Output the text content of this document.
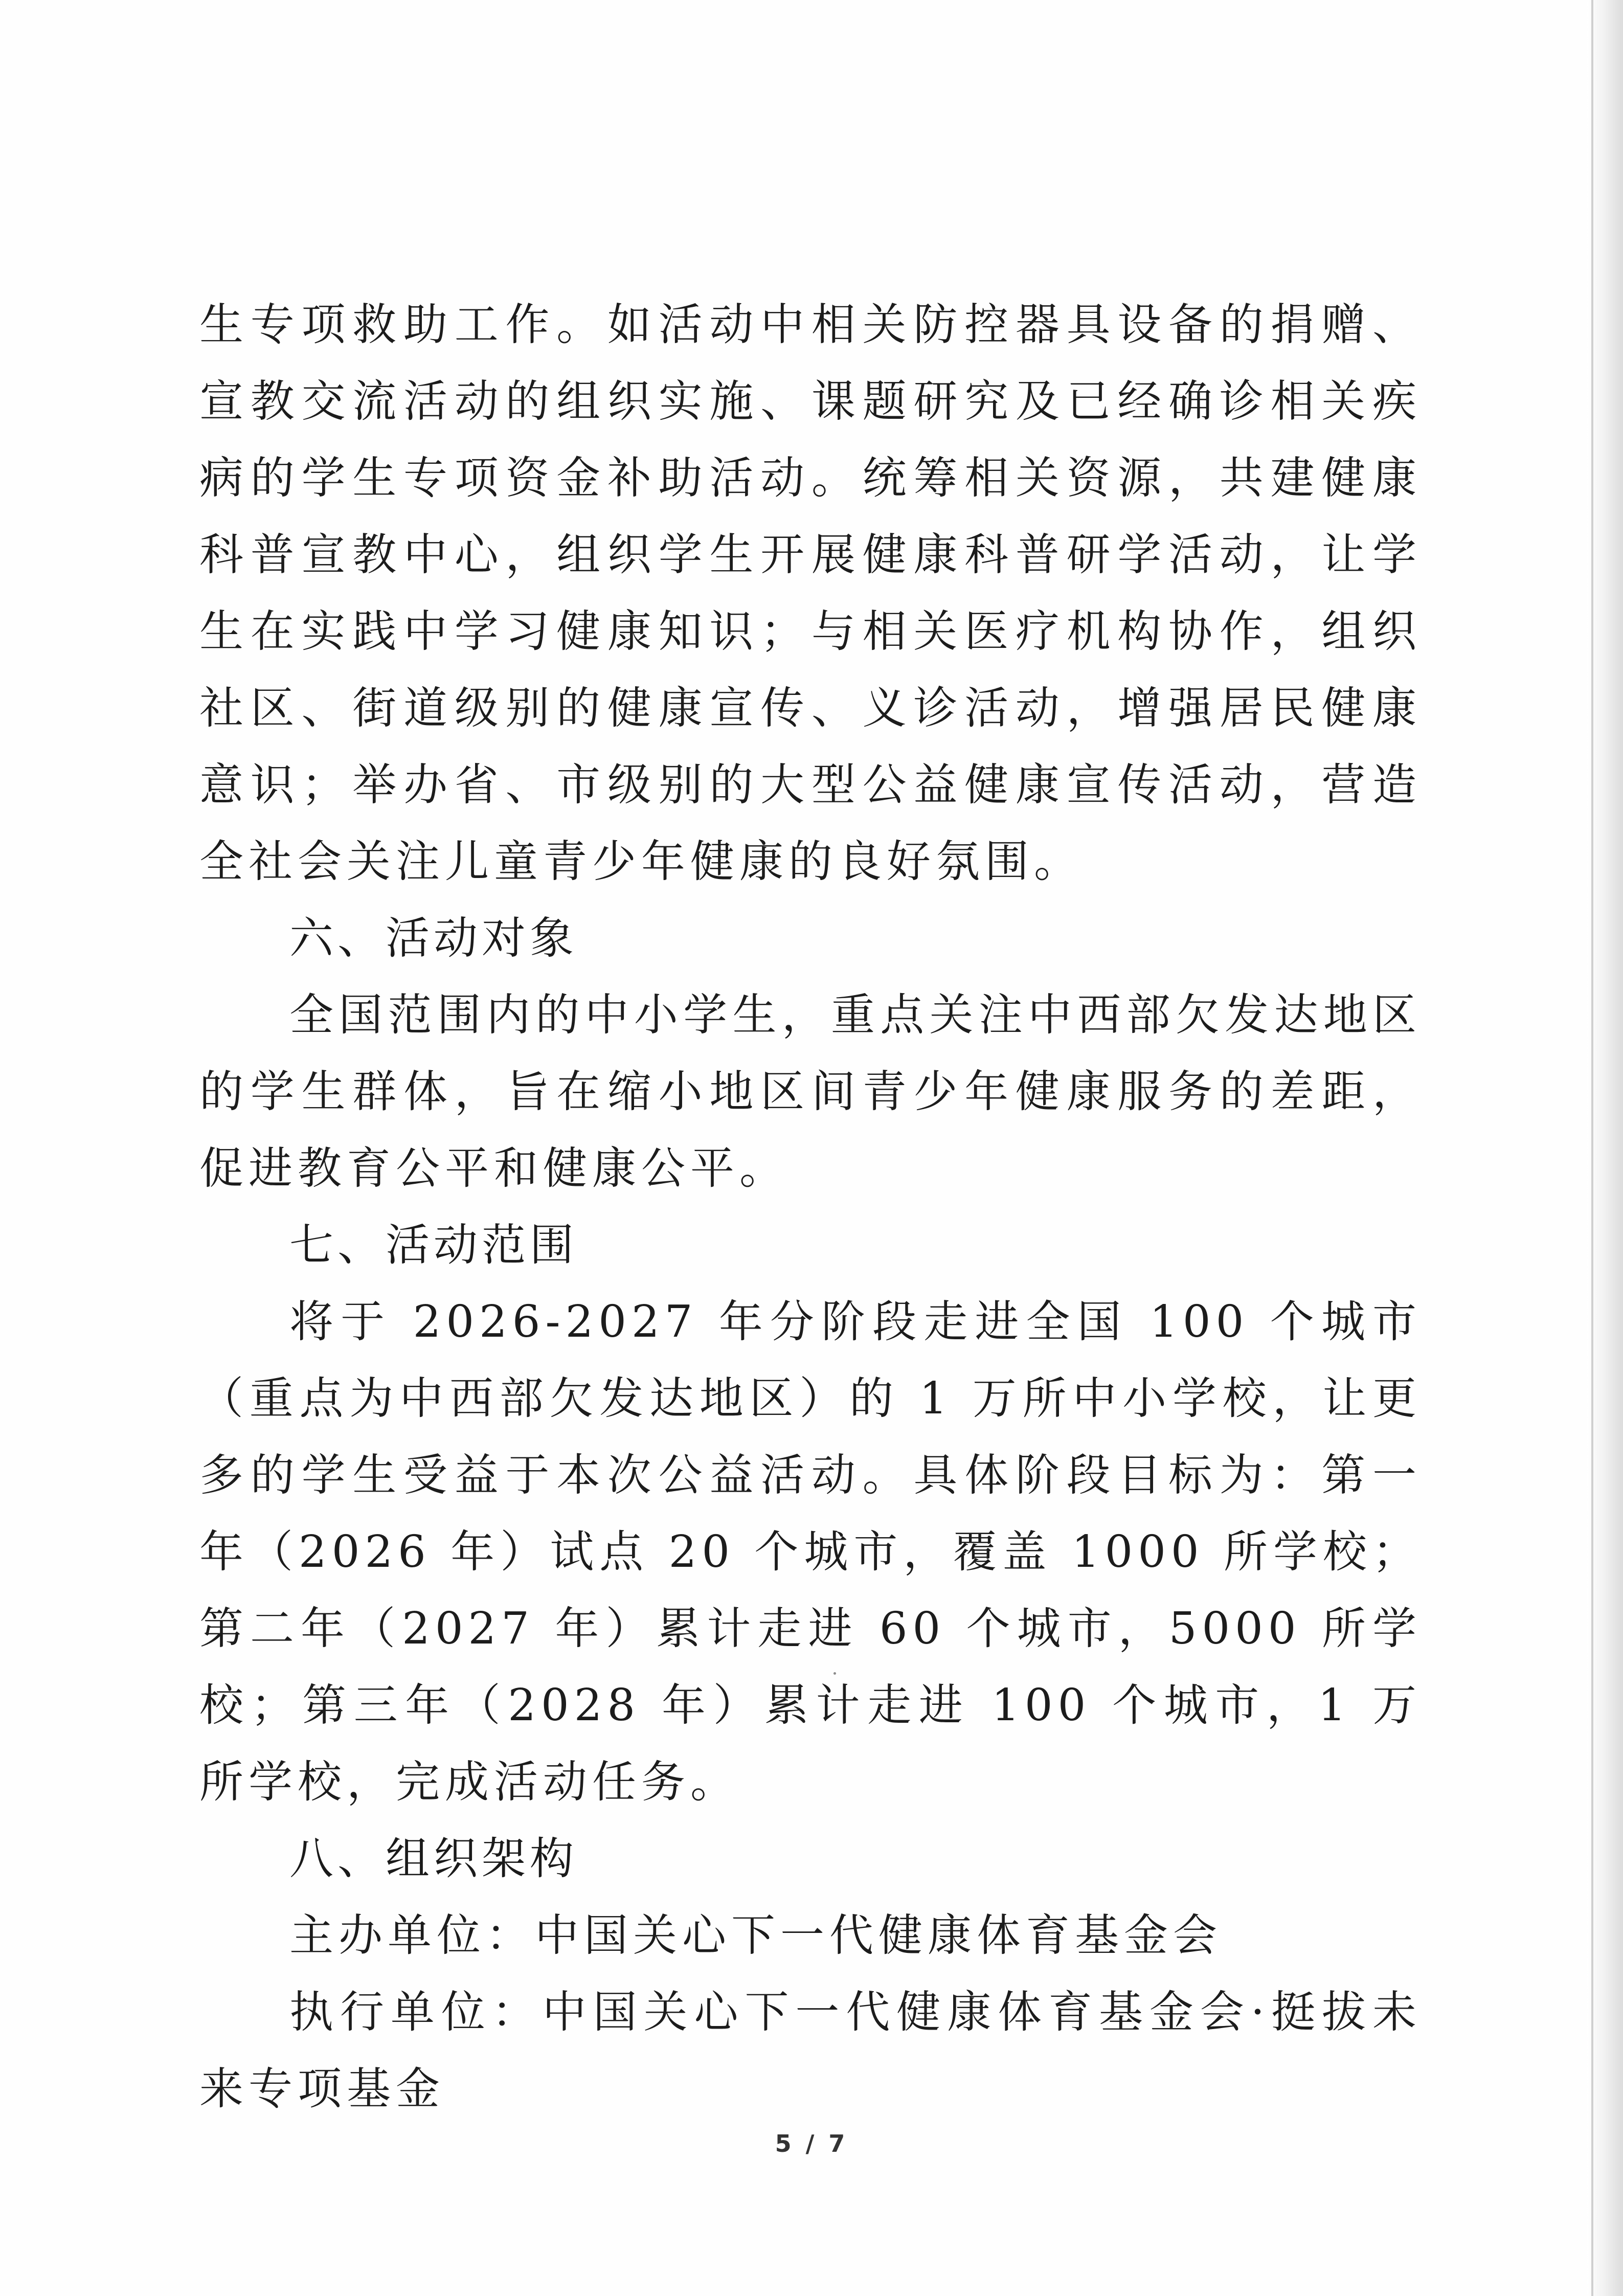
生专项救助工作。如活动中相关防控器具设备的捐赠、宣教交流活动的组织实施、课题研究及已经确诊相关疾病的学生专项资金补助活动。统筹相关资源，共建健康科普宣教中心，组织学生开展健康科普研学活动，让学生在实践中学习健康知识；与相关医疗机构协作，组织社区、街道级别的健康宣传、义诊活动，增强居民健康意识；举办省、市级别的大型公益健康宣传活动，营造全社会关注儿童青少年健康的良好氛围。

六、活动对象

全国范围内的中小学生，重点关注中西部欠发达地区的学生群体，旨在缩小地区间青少年健康服务的差距，促进教育公平和健康公平。

七、活动范围

将于 2026-2027 年分阶段走进全国 100 个城市（重点为中西部欠发达地区）的 1 万所中小学校，让更多的学生受益于本次公益活动。具体阶段目标为：第一年（2026 年）试点 20 个城市，覆盖 1000 所学校；第二年（2027 年）累计走进 60 个城市，5000 所学校；第三年（2028 年）累计走进 100 个城市，1 万所学校，完成活动任务。

八、组织架构

主办单位：中国关心下一代健康体育基金会

执行单位：中国关心下一代健康体育基金会·挺拔未来专项基金

5 / 7
